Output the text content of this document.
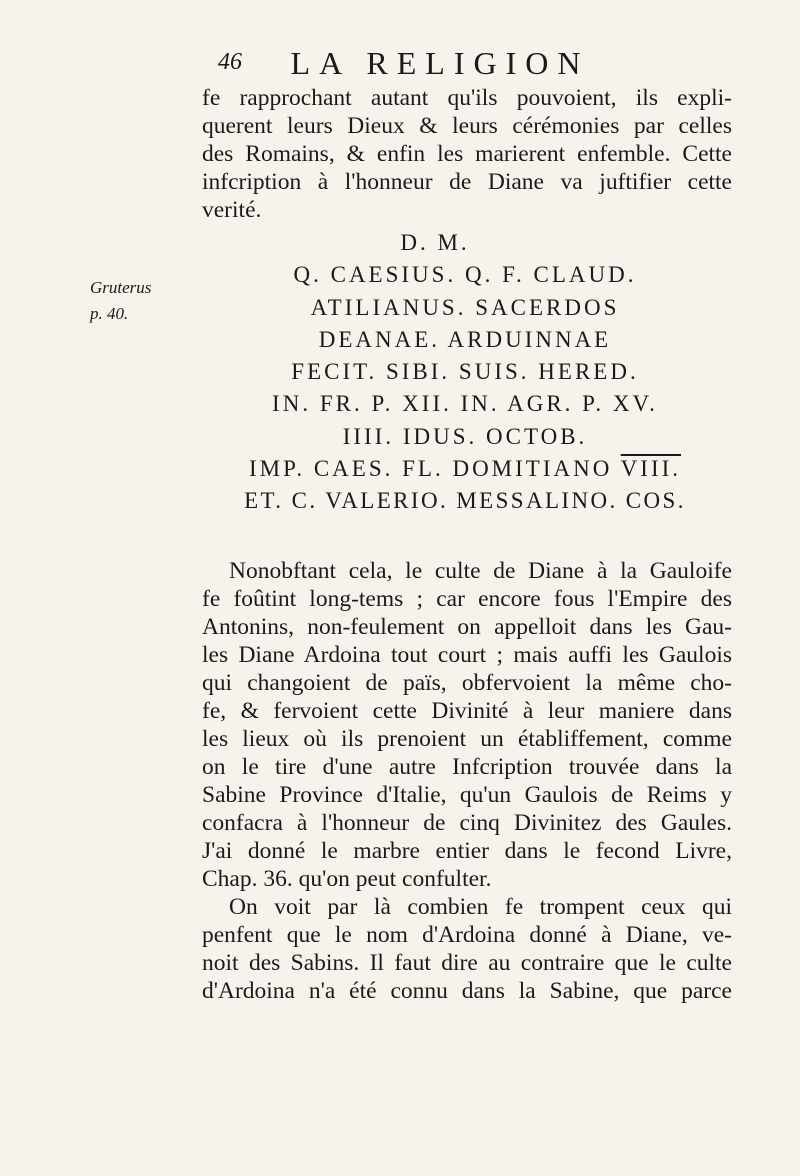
46	LA RELIGION
Gruterus
p. 40.
fe rapprochant autant qu'ils pouvoient, ils expli-
querent leurs Dieux & leurs cérémonies par celles
des Romains, & enfin les marierent enfemble. Cette
infcription à l'honneur de Diane va juftifier cette
verité.
D. M.
Q. CAESIUS. Q. F. CLAUD.
ATILIANUS. SACERDOS
DEANAE. ARDUINNAE
FECIT. SIBI. SUIS. HERED.
IN. FR. P. XII. IN. AGR. P. XV.
IIII. IDUS. OCTOB.
IMP. CAES. FL. DOMITIANO VIII.
ET. C. VALERIO. MESSALINO. COS.
Nonobftant cela, le culte de Diane à la Gauloife
fe foûtint long-tems ; car encore fous l'Empire des
Antonins, non-feulement on appelloit dans les Gau-
les Diane Ardoina tout court ; mais auffi les Gaulois
qui changoient de païs, obfervoient la même cho-
fe, & fervoient cette Divinité à leur maniere dans
les lieux où ils prenoient un établiffement, comme
on le tire d'une autre Infcription trouvée dans la
Sabine Province d'Italie, qu'un Gaulois de Reims y
confacra à l'honneur de cinq Divinitez des Gaules.
J'ai donné le marbre entier dans le fecond Livre,
Chap. 36. qu'on peut confulter.
On voit par là combien fe trompent ceux qui
penfent que le nom d'Ardoina donné à Diane, ve-
noit des Sabins. Il faut dire au contraire que le culte
d'Ardoina n'a été connu dans la Sabine, que parce
